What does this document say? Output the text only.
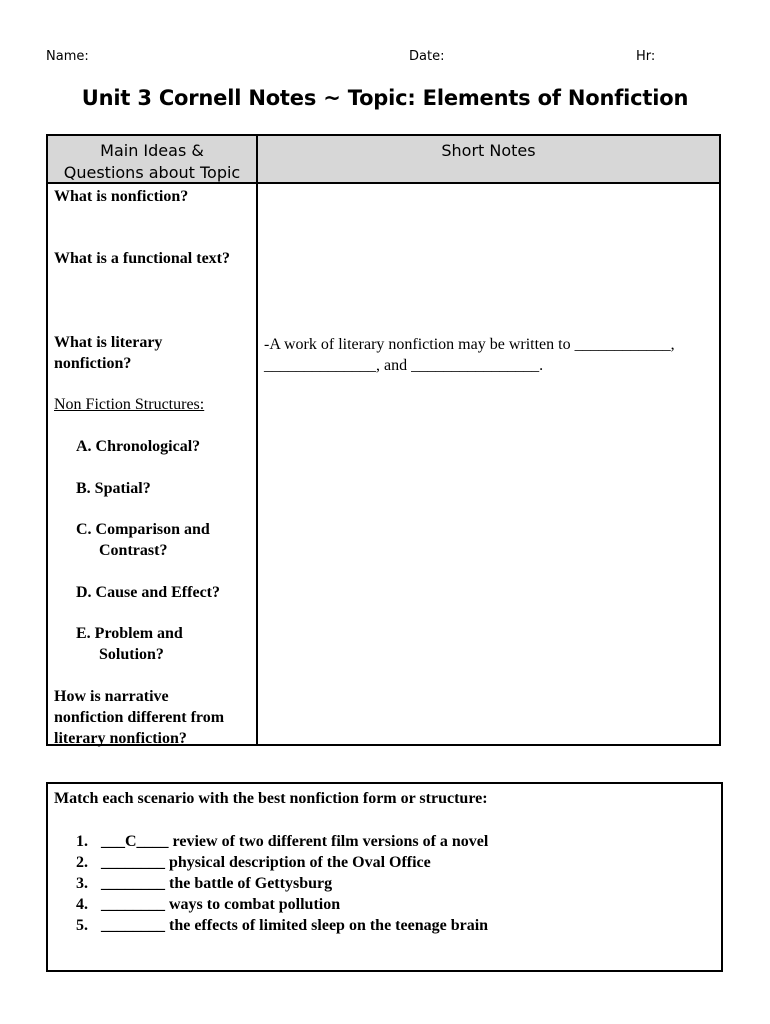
Name:	Date:	Hr:
Unit 3 Cornell Notes ~ Topic: Elements of Nonfiction
Main Ideas &
Questions about Topic
Short Notes
What is nonfiction?
What is a functional text?
What is literary
nonfiction?
Non Fiction Structures:
A. Chronological?
B. Spatial?
C. Comparison and
Contrast?
D. Cause and Effect?
E. Problem and
Solution?
How is narrative
nonfiction different from
literary nonfiction?
-A work of literary nonfiction may be written to ____________,
______________, and ________________.
Match each scenario with the best nonfiction form or structure:
1. ___C____ review of two different film versions of a novel
2. ________ physical description of the Oval Office
3. ________ the battle of Gettysburg
4. ________ ways to combat pollution
5. ________ the effects of limited sleep on the teenage brain
